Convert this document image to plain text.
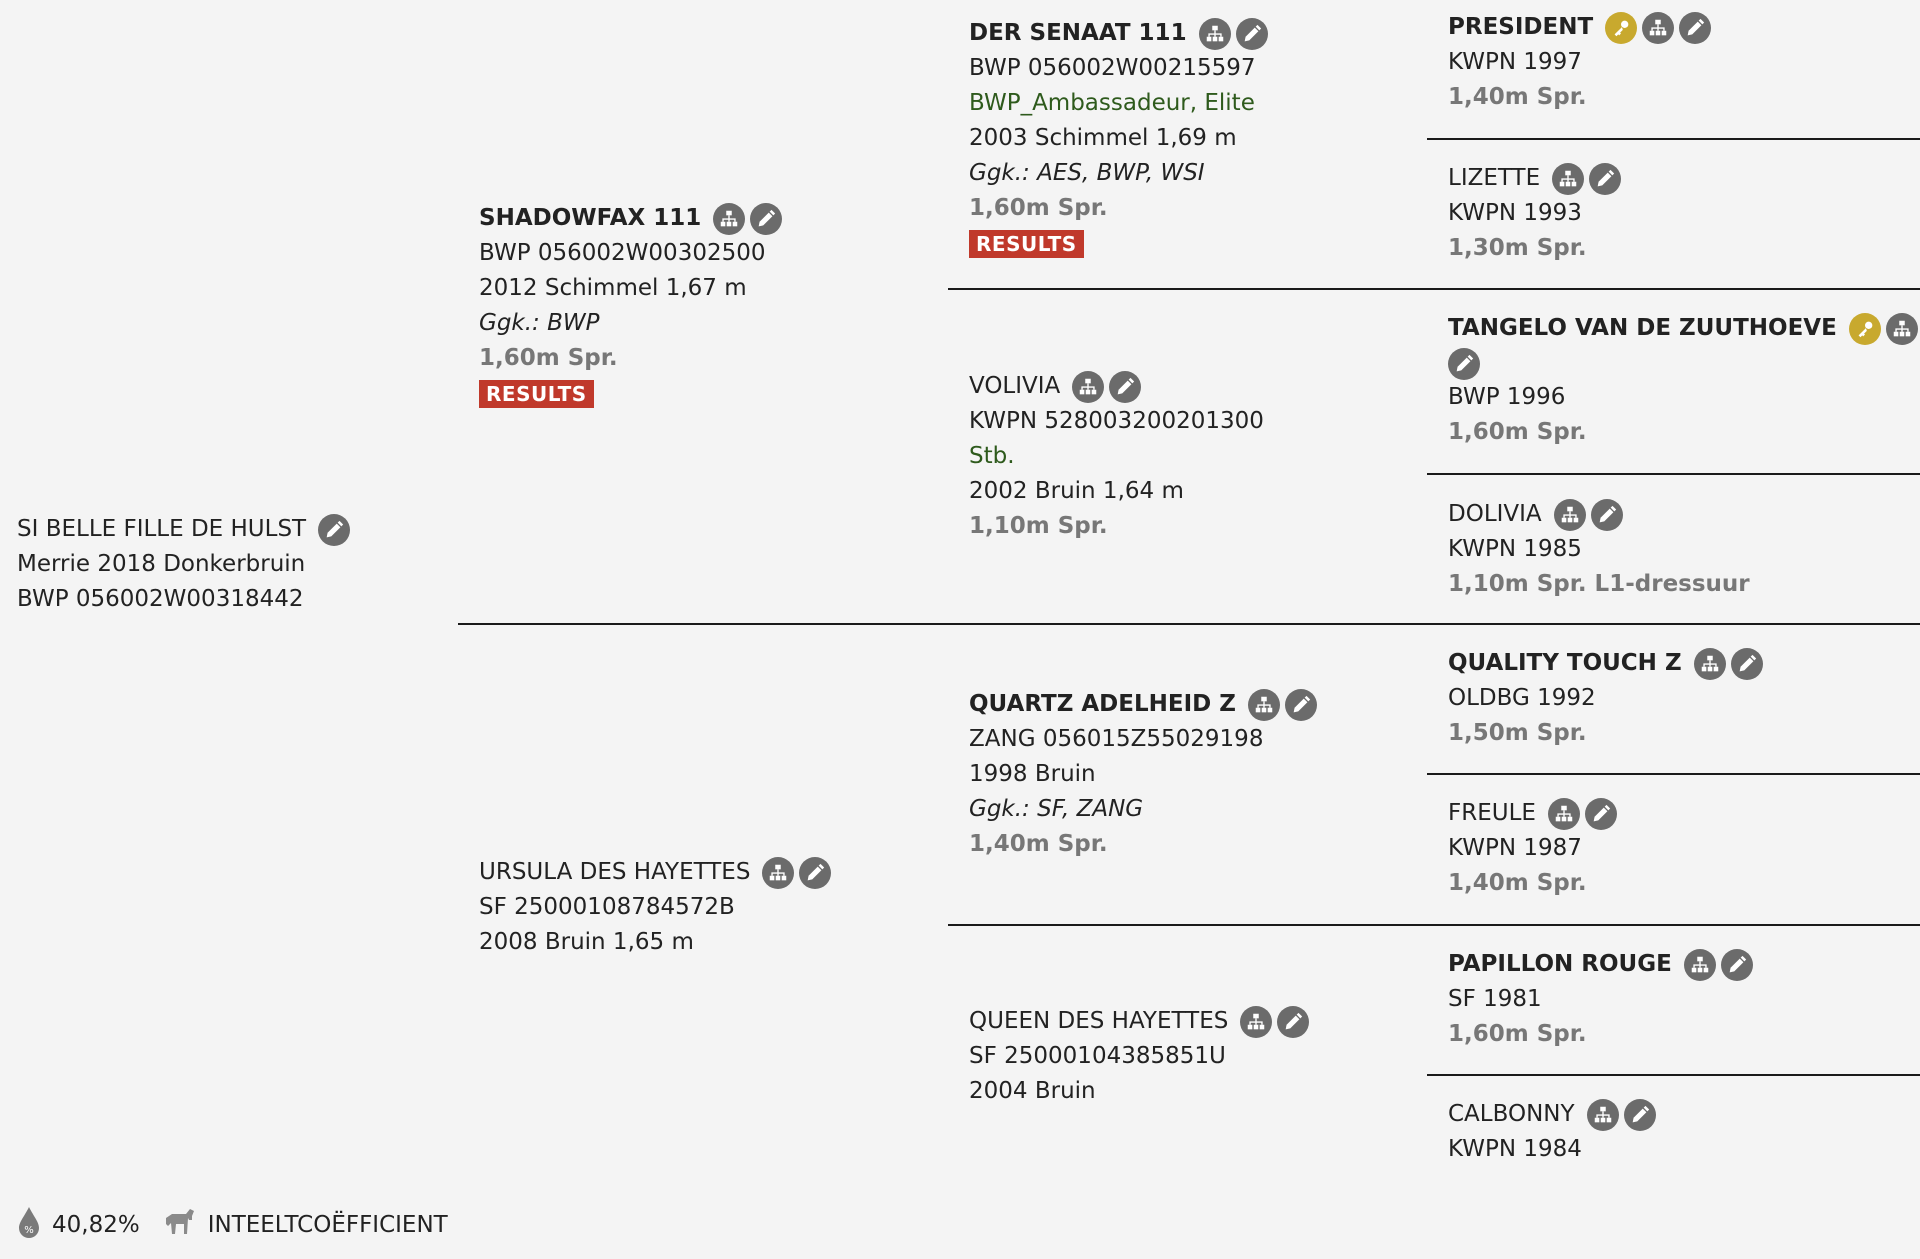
SI BELLE FILLE DE HULST
Merrie 2018 Donkerbruin
BWP 056002W00318442
SHADOWFAX 111
BWP 056002W00302500
2012 Schimmel 1,67 m
Ggk.: BWP
1,60m Spr.
RESULTS
URSULA DES HAYETTES
SF 25000108784572B
2008 Bruin 1,65 m
DER SENAAT 111
BWP 056002W00215597
BWP_Ambassadeur, Elite
2003 Schimmel 1,69 m
Ggk.: AES, BWP, WSI
1,60m Spr.
RESULTS
VOLIVIA
KWPN 528003200201300
Stb.
2002 Bruin 1,64 m
1,10m Spr.
QUARTZ ADELHEID Z
ZANG 056015Z55029198
1998 Bruin
Ggk.: SF, ZANG
1,40m Spr.
QUEEN DES HAYETTES
SF 25000104385851U
2004 Bruin
PRESIDENT
KWPN 1997
1,40m Spr.
LIZETTE
KWPN 1993
1,30m Spr.
TANGELO VAN DE ZUUTHOEVE
BWP 1996
1,60m Spr.
DOLIVIA
KWPN 1985
1,10m Spr. L1-dressuur
QUALITY TOUCH Z
OLDBG 1992
1,50m Spr.
FREULE
KWPN 1987
1,40m Spr.
PAPILLON ROUGE
SF 1981
1,60m Spr.
CALBONNY
KWPN 1984
% 40,82%	INTEELTCOËFFICIENT
